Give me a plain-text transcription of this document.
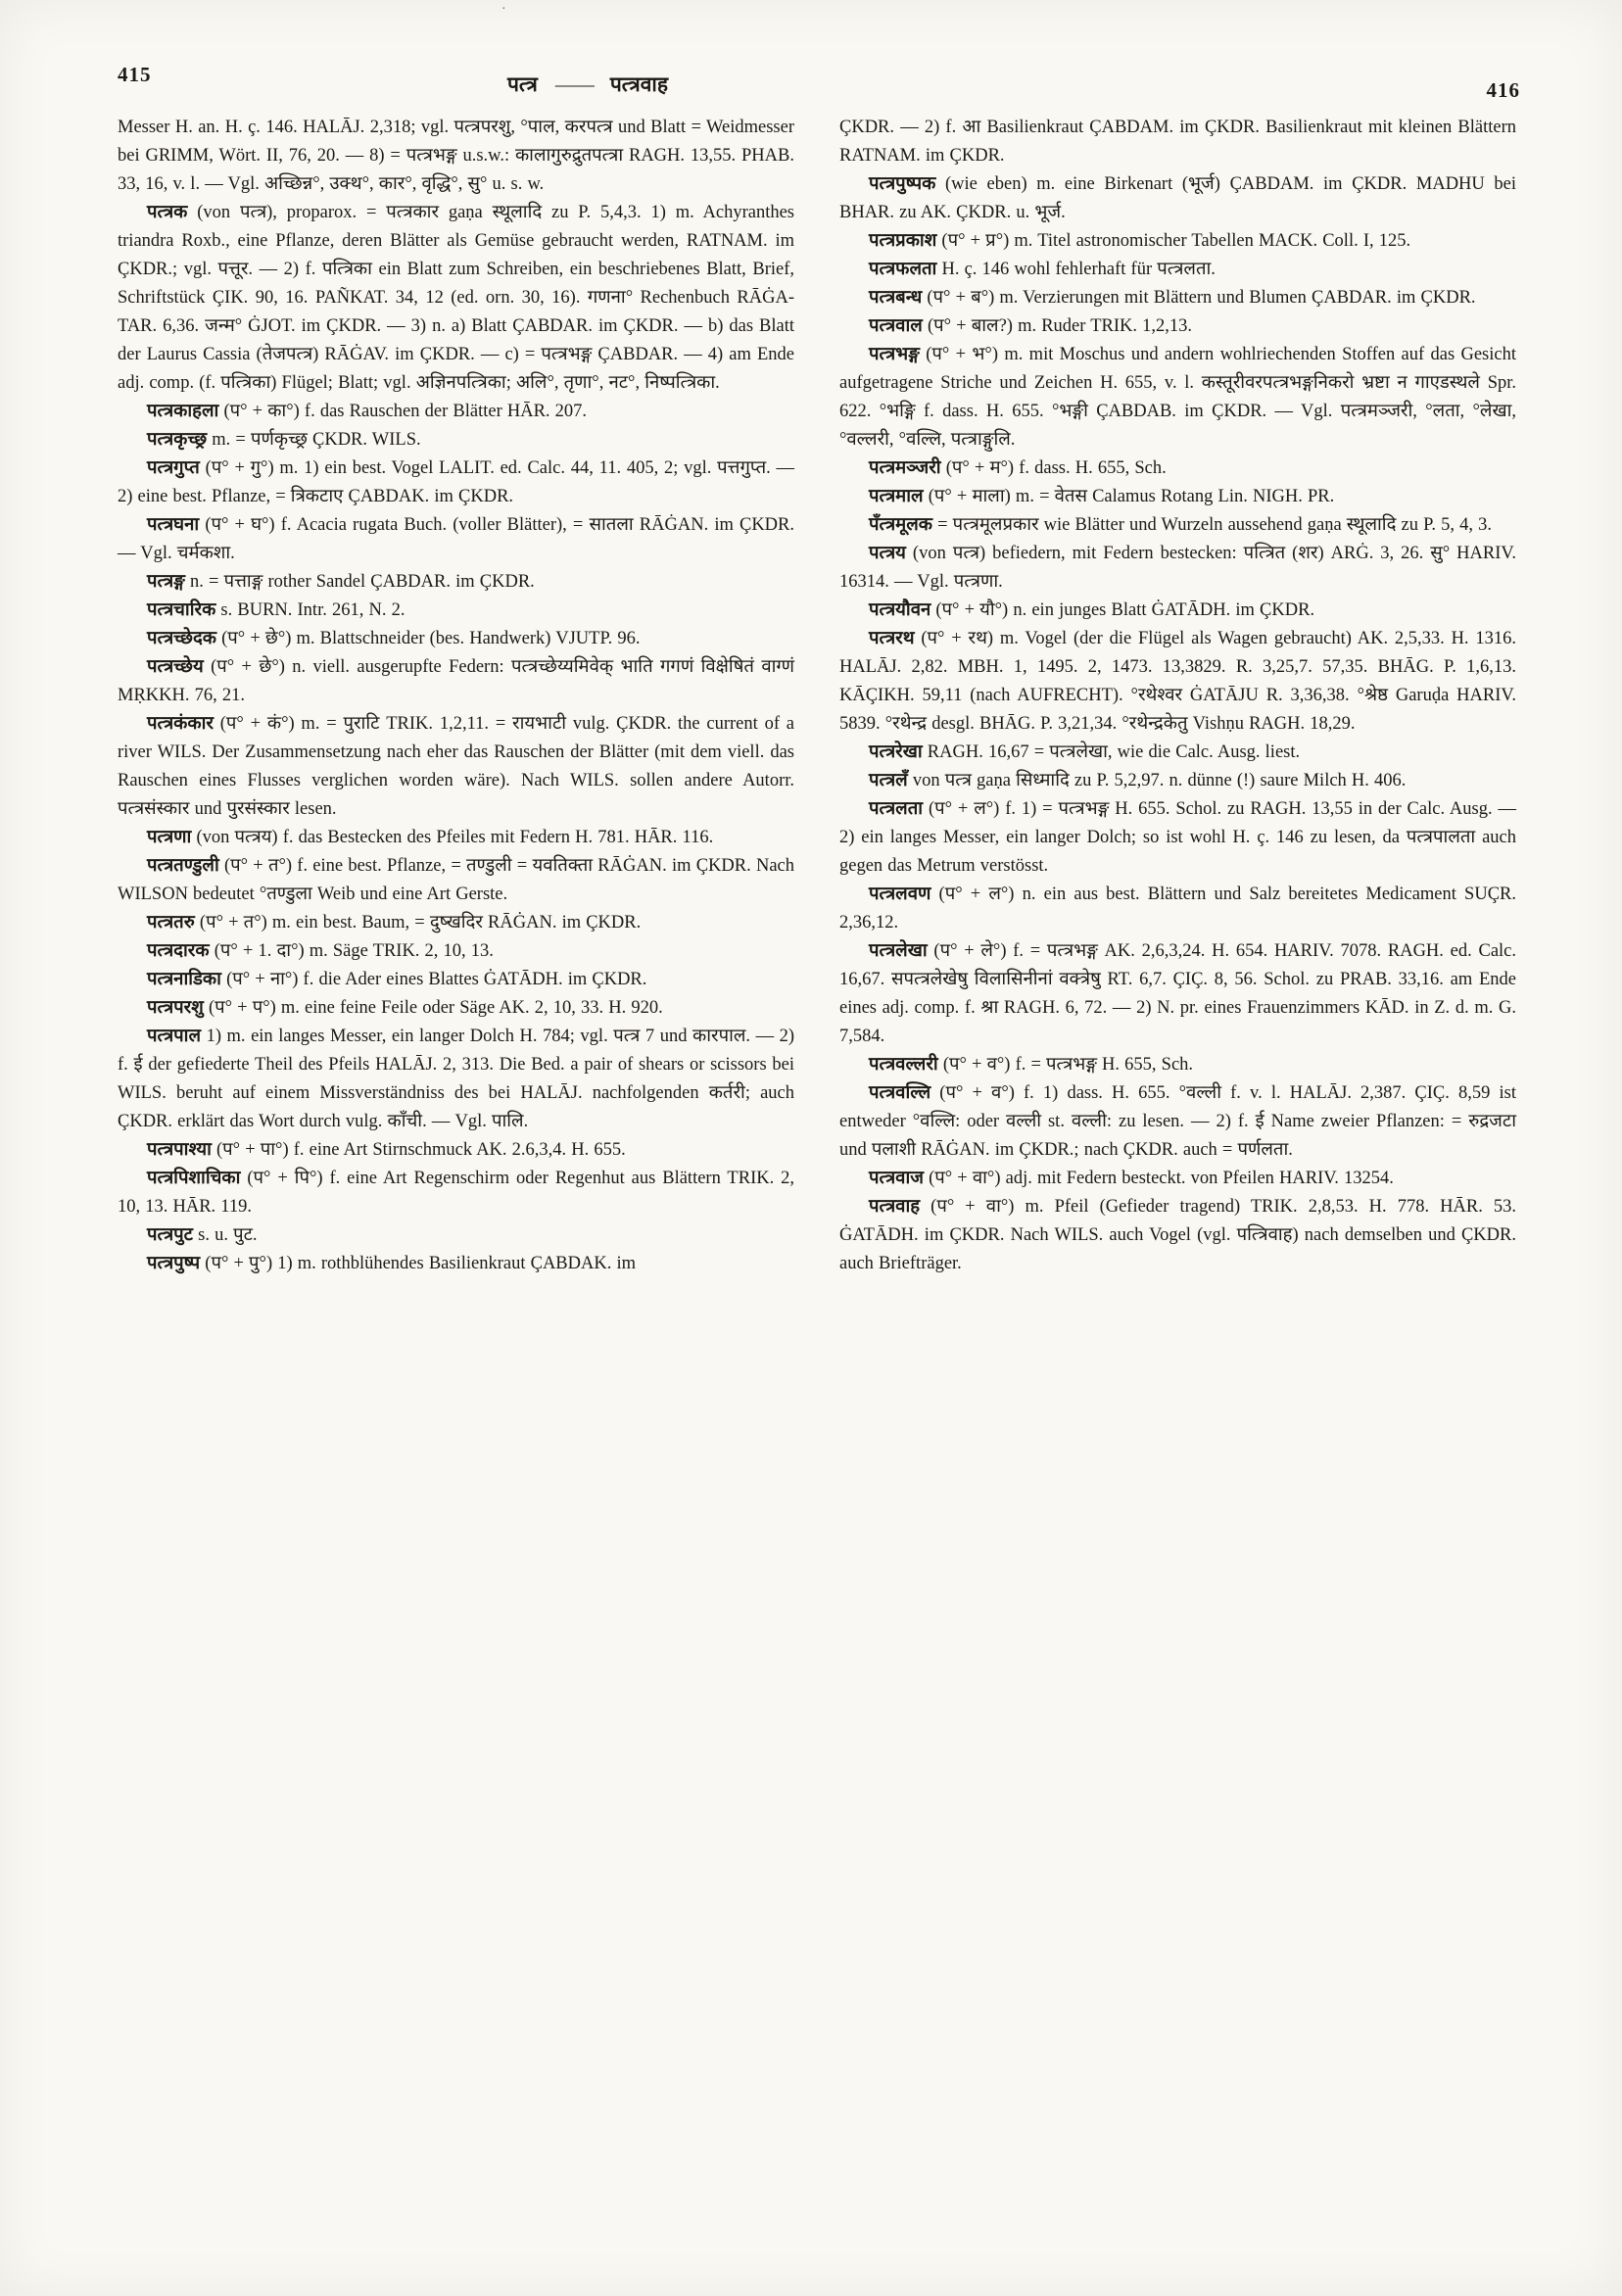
·
415	पत्त्र —— पत्त्रवाह	416

Messer H. an. H. ç. 146. HALĀJ. 2,318; vgl. पत्त्रपरशु, °पाल, करपत्त्र und Blatt = Weidmesser bei GRIMM, Wört. II, 76, 20. — 8) = पत्त्रभङ्ग u.s.w.: कालागुरुद्रुतपत्त्रा RAGH. 13,55. PHAB. 33, 16, v. l. — Vgl. अच्छिन्न°, उक्थ°, कार°, वृद्धि°, सु° u. s. w.

पत्त्रक (von पत्त्र), proparox. = पत्त्रकार gaṇa स्थूलादि zu P. 5,4,3. 1) m. Achyranthes triandra Roxb., eine Pflanze, deren Blätter als Gemüse gebraucht werden, RATNAM. im ÇKDR.; vgl. पत्तूर. — 2) f. पत्त्रिका ein Blatt zum Schreiben, ein beschriebenes Blatt, Brief, Schriftstück ÇIK. 90, 16. PAÑKAT. 34, 12 (ed. orn. 30, 16). गणना° Rechenbuch RĀĠA-TAR. 6,36. जन्म° ĠJOT. im ÇKDR. — 3) n. a) Blatt ÇABDAR. im ÇKDR. — b) das Blatt der Laurus Cassia (तेजपत्त्र) RĀĠAV. im ÇKDR. — c) = पत्त्रभङ्ग ÇABDAR. — 4) am Ende adj. comp. (f. पत्त्रिका) Flügel; Blatt; vgl. अज्ञिनपत्त्रिका; अलि°, तृणा°, नट°, निष्पत्त्रिका.

पत्त्रकाहला (प° + का°) f. das Rauschen der Blätter HĀR. 207.

पत्त्रकृच्छ्र m. = पर्णकृच्छ्र ÇKDR. WILS.

पत्त्रगुप्त (प° + गु°) m. 1) ein best. Vogel LALIT. ed. Calc. 44, 11. 405, 2; vgl. पत्तगुप्त. — 2) eine best. Pflanze, = त्रिकटाए ÇABDAK. im ÇKDR.

पत्त्रघना (प° + घ°) f. Acacia rugata Buch. (voller Blätter), = सातला RĀĠAN. im ÇKDR. — Vgl. चर्मकशा.

पत्त्रङ्ग n. = पत्ताङ्ग rother Sandel ÇABDAR. im ÇKDR.

पत्त्रचारिक s. BURN. Intr. 261, N. 2.

पत्त्रच्छेदक (प° + छे°) m. Blattschneider (bes. Handwerk) VJUTP. 96.

पत्त्रच्छेय (प° + छे°) n. viell. ausgerupfte Federn: पत्त्रच्छेय्यमिवेक् भाति गगणं विक्षेषितं वाग्णं MṚKKH. 76, 21.

पत्त्रकंकार (प° + कं°) m. = पुराटि TRIK. 1,2,11. = रायभाटी vulg. ÇKDR. the current of a river WILS. Der Zusammensetzung nach eher das Rauschen der Blätter (mit dem viell. das Rauschen eines Flusses verglichen worden wäre). Nach WILS. sollen andere Autorr. पत्त्रसंस्कार und पुरसंस्कार lesen.

पत्त्रणा (von पत्त्रय) f. das Bestecken des Pfeiles mit Federn H. 781. HĀR. 116.

पत्त्रतण्डुली (प° + त°) f. eine best. Pflanze, = तण्डुली = यवतिक्ता RĀĠAN. im ÇKDR. Nach WILSON bedeutet °तण्डुला Weib und eine Art Gerste.

पत्त्रतरु (प° + त°) m. ein best. Baum, = दुष्खदिर RĀĠAN. im ÇKDR.

पत्त्रदारक (प° + 1. दा°) m. Säge TRIK. 2, 10, 13.

पत्त्रनाडिका (प° + ना°) f. die Ader eines Blattes ĠATĀDH. im ÇKDR.

पत्त्रपरशु (प° + प°) m. eine feine Feile oder Säge AK. 2, 10, 33. H. 920.

पत्त्रपाल 1) m. ein langes Messer, ein langer Dolch H. 784; vgl. पत्त्र 7 und कारपाल. — 2) f. ई der gefiederte Theil des Pfeils HALĀJ. 2, 313. Die Bed. a pair of shears or scissors bei WILS. beruht auf einem Missverständniss des bei HALĀJ. nachfolgenden कर्तरी; auch ÇKDR. erklärt das Wort durch vulg. काँची. — Vgl. पालि.

पत्त्रपाश्या (प° + पा°) f. eine Art Stirnschmuck AK. 2.6,3,4. H. 655.

पत्त्रपिशाचिका (प° + पि°) f. eine Art Regenschirm oder Regenhut aus Blättern TRIK. 2, 10, 13. HĀR. 119.

पत्त्रपुट s. u. पुट.

पत्त्रपुष्प (प° + पु°) 1) m. rothblühendes Basilienkraut ÇABDAK. im

ÇKDR. — 2) f. आ Basilienkraut ÇABDAM. im ÇKDR. Basilienkraut mit kleinen Blättern RATNAM. im ÇKDR.

पत्त्रपुष्पक (wie eben) m. eine Birkenart (भूर्ज) ÇABDAM. im ÇKDR. MADHU bei BHAR. zu AK. ÇKDR. u. भूर्ज.

पत्त्रप्रकाश (प° + प्र°) m. Titel astronomischer Tabellen MACK. Coll. I, 125.

पत्त्रफलता H. ç. 146 wohl fehlerhaft für पत्त्रलता.

पत्त्रबन्ध (प° + ब°) m. Verzierungen mit Blättern und Blumen ÇABDAR. im ÇKDR.

पत्त्रवाल (प° + बाल?) m. Ruder TRIK. 1,2,13.

पत्त्रभङ्ग (प° + भ°) m. mit Moschus und andern wohlriechenden Stoffen auf das Gesicht aufgetragene Striche und Zeichen H. 655, v. l. कस्तूरीवरपत्त्रभङ्गनिकरो भ्रष्टा न गाएडस्थले Spr. 622. °भङ्गि f. dass. H. 655. °भङ्गी ÇABDAB. im ÇKDR. — Vgl. पत्त्रमञ्जरी, °लता, °लेखा, °वल्लरी, °वल्लि, पत्त्राङ्गुलि.

पत्त्रमञ्जरी (प° + म°) f. dass. H. 655, Sch.

पत्त्रमाल (प° + माला) m. = वेतस Calamus Rotang Lin. NIGH. PR.

पँत्त्रमूलक = पत्त्रमूलप्रकार wie Blätter und Wurzeln aussehend gaṇa स्थूलादि zu P. 5, 4, 3.

पत्त्रय (von पत्त्र) befiedern, mit Federn bestecken: पत्त्रित (शर) ARĠ. 3, 26. सु° HARIV. 16314. — Vgl. पत्त्रणा.

पत्त्रयौवन (प° + यौ°) n. ein junges Blatt ĠATĀDH. im ÇKDR.

पत्त्ररथ (प° + रथ) m. Vogel (der die Flügel als Wagen gebraucht) AK. 2,5,33. H. 1316. HALĀJ. 2,82. MBH. 1, 1495. 2, 1473. 13,3829. R. 3,25,7. 57,35. BHĀG. P. 1,6,13. KĀÇIKH. 59,11 (nach AUFRECHT). °रथेश्वर ĠATĀJU R. 3,36,38. °श्रेष्ठ Garuḍa HARIV. 5839. °रथेन्द्र desgl. BHĀG. P. 3,21,34. °रथेन्द्रकेतु Vishṇu RAGH. 18,29.

पत्त्ररेखा RAGH. 16,67 = पत्त्रलेखा, wie die Calc. Ausg. liest.

पत्त्रलँ von पत्त्र gaṇa सिध्मादि zu P. 5,2,97. n. dünne (!) saure Milch H. 406.

पत्त्रलता (प° + ल°) f. 1) = पत्त्रभङ्ग H. 655. Schol. zu RAGH. 13,55 in der Calc. Ausg. — 2) ein langes Messer, ein langer Dolch; so ist wohl H. ç. 146 zu lesen, da पत्त्रपालता auch gegen das Metrum verstösst.

पत्त्रलवण (प° + ल°) n. ein aus best. Blättern und Salz bereitetes Medicament SUÇR. 2,36,12.

पत्त्रलेखा (प° + ले°) f. = पत्त्रभङ्ग AK. 2,6,3,24. H. 654. HARIV. 7078. RAGH. ed. Calc. 16,67. सपत्त्रलेखेषु विलासिनीनां वक्त्रेषु RT. 6,7. ÇIÇ. 8, 56. Schol. zu PRAB. 33,16. am Ende eines adj. comp. f. श्रा RAGH. 6, 72. — 2) N. pr. eines Frauenzimmers KĀD. in Z. d. m. G. 7,584.

पत्त्रवल्लरी (प° + व°) f. = पत्त्रभङ्ग H. 655, Sch.

पत्त्रवल्लि (प° + व°) f. 1) dass. H. 655. °वल्ली f. v. l. HALĀJ. 2,387. ÇIÇ. 8,59 ist entweder °वल्लि: oder वल्ली st. वल्ली: zu lesen. — 2) f. ई Name zweier Pflanzen: = रुद्रजटा und पलाशी RĀĠAN. im ÇKDR.; nach ÇKDR. auch = पर्णलता.

पत्त्रवाज (प° + वा°) adj. mit Federn besteckt. von Pfeilen HARIV. 13254.

पत्त्रवाह (प° + वा°) m. Pfeil (Gefieder tragend) TRIK. 2,8,53. H. 778. HĀR. 53. ĠATĀDH. im ÇKDR. Nach WILS. auch Vogel (vgl. पत्त्रिवाह) nach demselben und ÇKDR. auch Briefträger.
